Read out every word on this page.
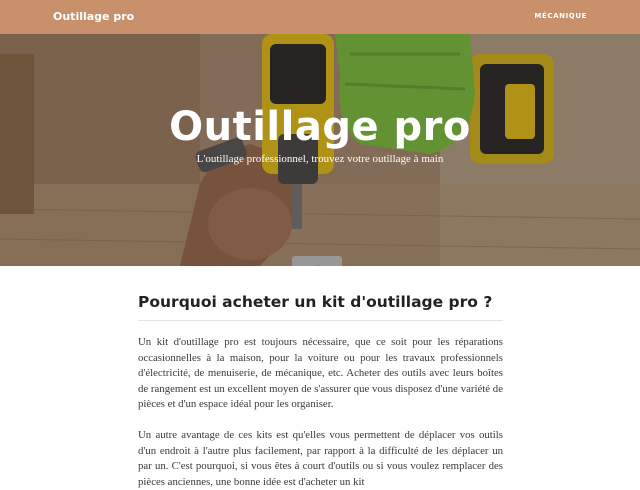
Outillage pro	MÉCANIQUE
Outillage pro

L'outillage professionnel, trouvez votre outillage à main

Pourquoi acheter un kit d'outillage pro ?

Un kit d'outillage pro est toujours nécessaire, que ce soit pour les réparations occasionnelles à la maison, pour la voiture ou pour les travaux professionnels d'électricité, de menuiserie, de mécanique, etc. Acheter des outils avec leurs boîtes de rangement est un excellent moyen de s'assurer que vous disposez d'une variété de pièces et d'un espace idéal pour les organiser.

Un autre avantage de ces kits est qu'elles vous permettent de déplacer vos outils d'un endroit à l'autre plus facilement, par rapport à la difficulté de les déplacer un par un. C'est pourquoi, si vous êtes à court d'outils ou si vous voulez remplacer des pièces anciennes, une bonne idée est d'acheter un kit
